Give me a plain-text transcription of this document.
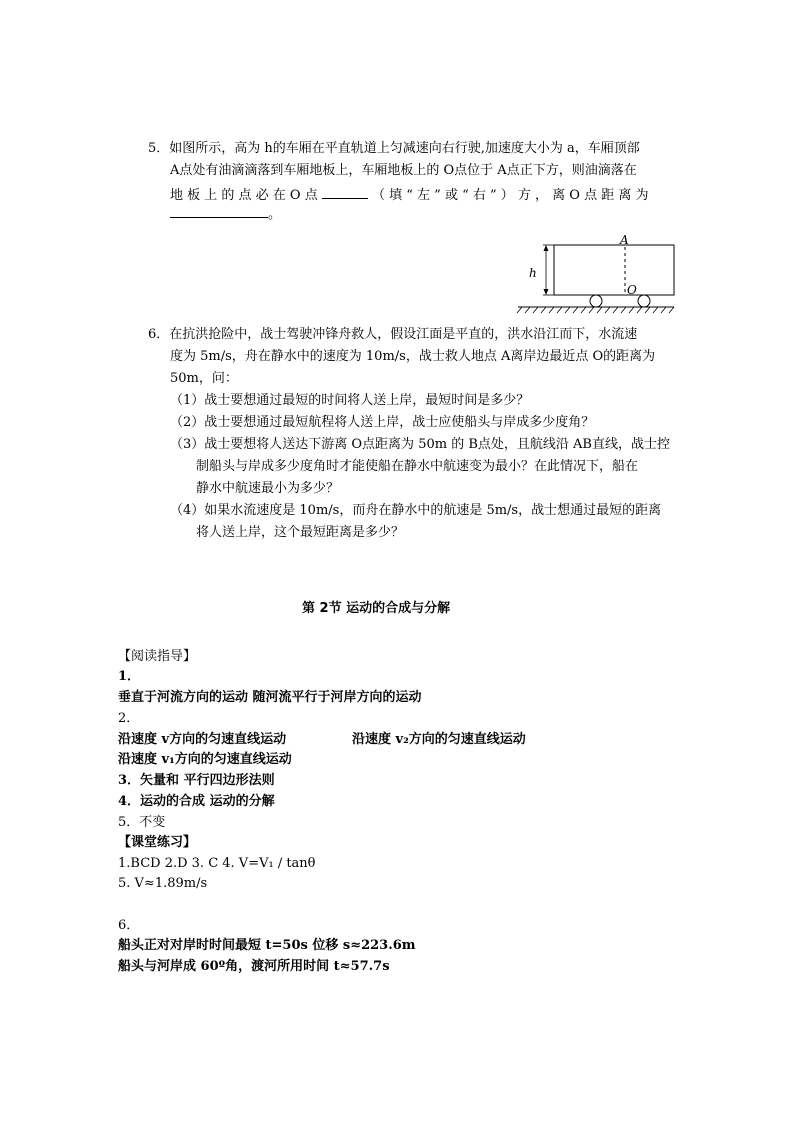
5．如图所示，高为 h的车厢在平直轨道上匀减速向右行驶,加速度大小为 a，车厢顶部
A点处有油滴滴落到车厢地板上，车厢地板上的 O点位于 A点正下方，则油滴落在
地 板 上 的 点 必 在 O 点	（ 填 “ 左 ” 或 “ 右 ” ） 方 ， 离 O 点 距 离 为
。
h
A
O
6．在抗洪抢险中，战士驾驶冲锋舟救人，假设江面是平直的，洪水沿江而下，水流速
度为 5m/s，舟在静水中的速度为 10m/s，战士救人地点 A离岸边最近点 O的距离为
50m，问：
（1）战士要想通过最短的时间将人送上岸，最短时间是多少？
（2）战士要想通过最短航程将人送上岸，战士应使船头与岸成多少度角？
（3）战士要想将人送达下游离 O点距离为 50m 的 B点处，且航线沿 AB直线，战士控
制船头与岸成多少度角时才能使船在静水中航速变为最小？在此情况下，船在
静水中航速最小为多少？
（4）如果水流速度是 10m/s，而舟在静水中的航速是 5m/s，战士想通过最短的距离
将人送上岸，这个最短距离是多少？
第 2节 运动的合成与分解
【阅读指导】
1．
垂直于河流方向的运动 随河流平行于河岸方向的运动
2．
沿速度 v方向的匀速直线运动	沿速度 v₂方向的匀速直线运动
沿速度 v₁方向的匀速直线运动
3．矢量和 平行四边形法则
4．运动的合成 运动的分解
5．不变
【课堂练习】
1.BCD 2.D 3. C 4. V=V₁ / tanθ
5. V≈1.89m/s
6．
船头正对对岸时时间最短 t=50s 位移 s≈223.6m
船头与河岸成 60º角，渡河所用时间 t≈57.7s
